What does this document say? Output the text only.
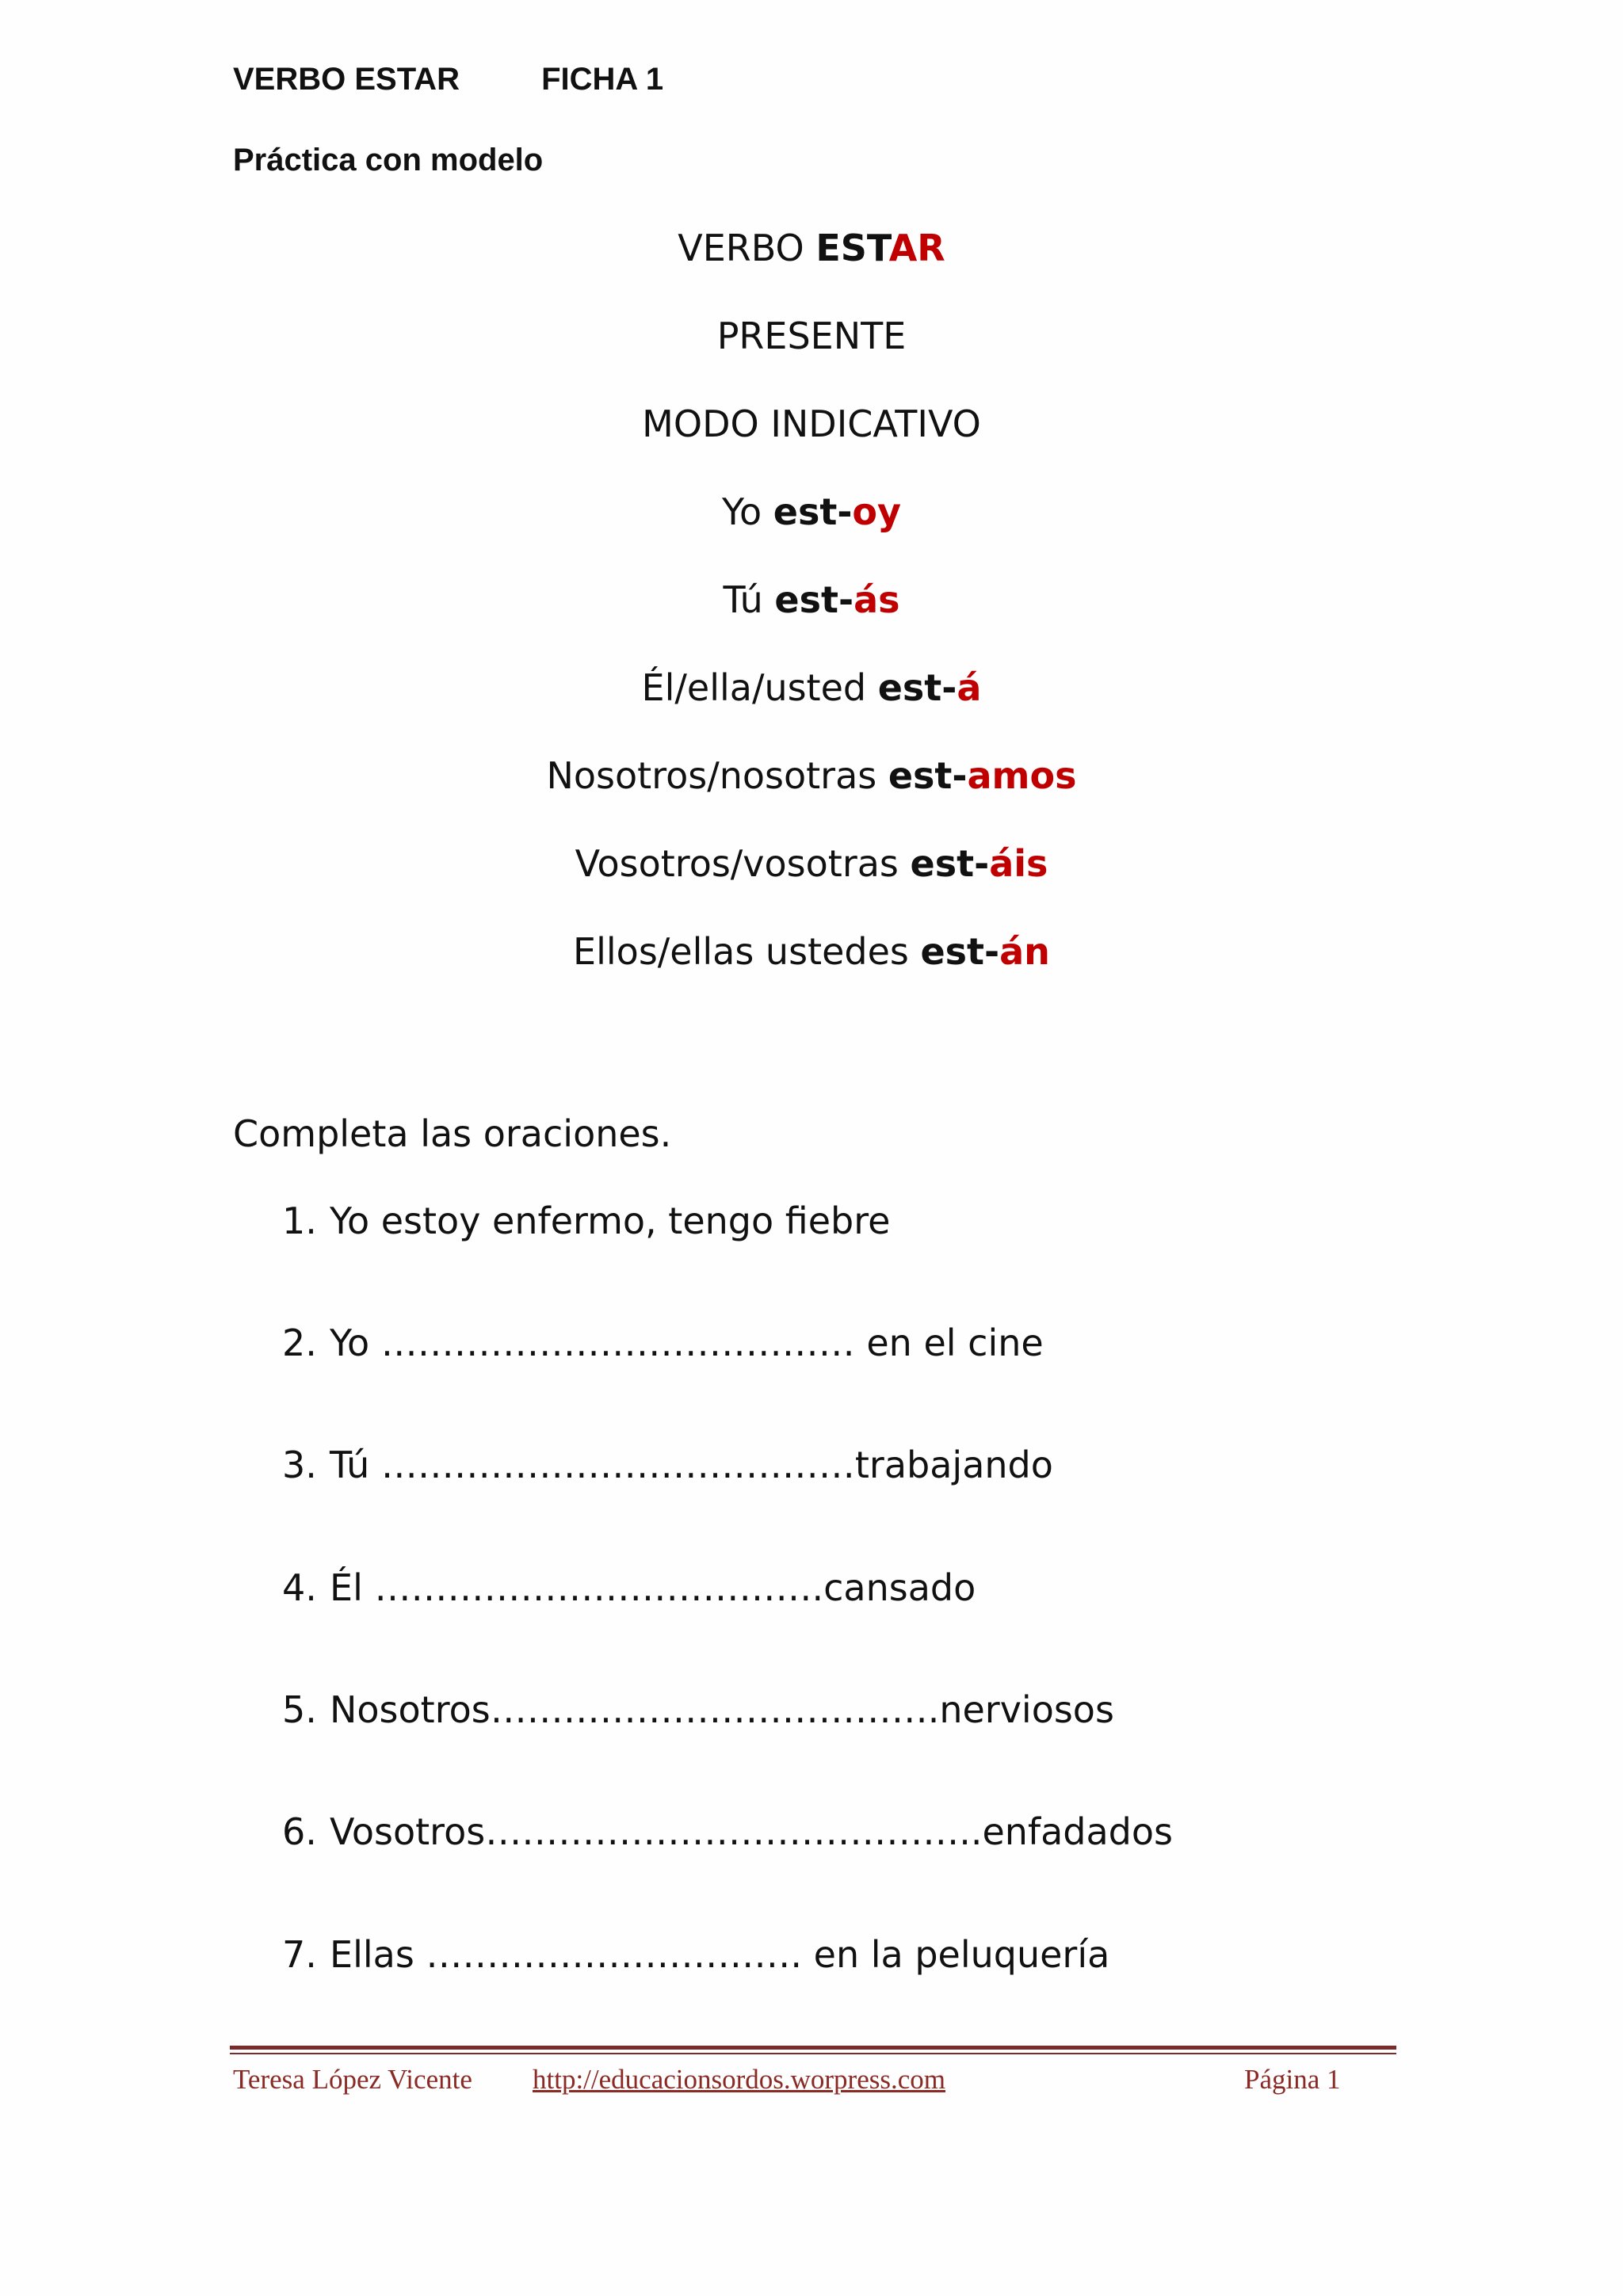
VERBO ESTAR	FICHA 1
Práctica con modelo
VERBO ESTAR
PRESENTE
MODO INDICATIVO
Yo est-oy
Tú est-ás
Él/ella/usted est-á
Nosotros/nosotras est-amos
Vosotros/vosotras est-áis
Ellos/ellas ustedes est-án
Completa las oraciones.
1. Yo estoy enfermo, tengo fiebre
2. Yo ………………………………… en el cine
3. Tú …………………………………trabajando
4. Él ……………………………….cansado
5. Nosotros……………………………….nerviosos
6. Vosotros…………………………………..enfadados
7. Ellas …………………………. en la peluquería
Teresa López Vicente http://educacionsordos.worpress.com	Página 1
